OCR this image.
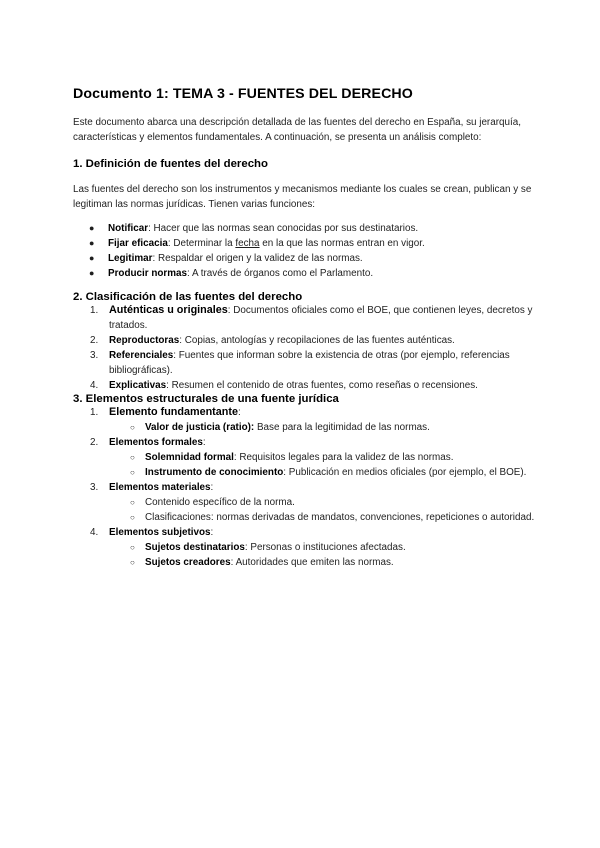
Documento 1: TEMA 3 - FUENTES DEL DERECHO

Este documento abarca una descripción detallada de las fuentes del derecho en España, su jerarquía, características y elementos fundamentales. A continuación, se presenta un análisis completo:

1. Definición de fuentes del derecho

Las fuentes del derecho son los instrumentos y mecanismos mediante los cuales se crean, publican y se legitiman las normas jurídicas. Tienen varias funciones:

● Notificar: Hacer que las normas sean conocidas por sus destinatarios.
● Fijar eficacia: Determinar la fecha en la que las normas entran en vigor.
● Legitimar: Respaldar el origen y la validez de las normas.
● Producir normas: A través de órganos como el Parlamento.
2. Clasificación de las fuentes del derecho
1. Auténticas u originales: Documentos oficiales como el BOE, que contienen leyes, decretos y tratados.
2. Reproductoras: Copias, antologías y recopilaciones de las fuentes auténticas.
3. Referenciales: Fuentes que informan sobre la existencia de otras (por ejemplo, referencias bibliográficas).
4. Explicativas: Resumen el contenido de otras fuentes, como reseñas o recensiones.
3. Elementos estructurales de una fuente jurídica
1. Elemento fundamentante:
○ Valor de justicia (ratio): Base para la legitimidad de las normas.
2. Elementos formales:
○ Solemnidad formal: Requisitos legales para la validez de las normas.
○ Instrumento de conocimiento: Publicación en medios oficiales (por ejemplo, el BOE).
3. Elementos materiales:
○ Contenido específico de la norma.
○ Clasificaciones: normas derivadas de mandatos, convenciones, repeticiones o autoridad.
4. Elementos subjetivos:
○ Sujetos destinatarios: Personas o instituciones afectadas.
○ Sujetos creadores: Autoridades que emiten las normas.
